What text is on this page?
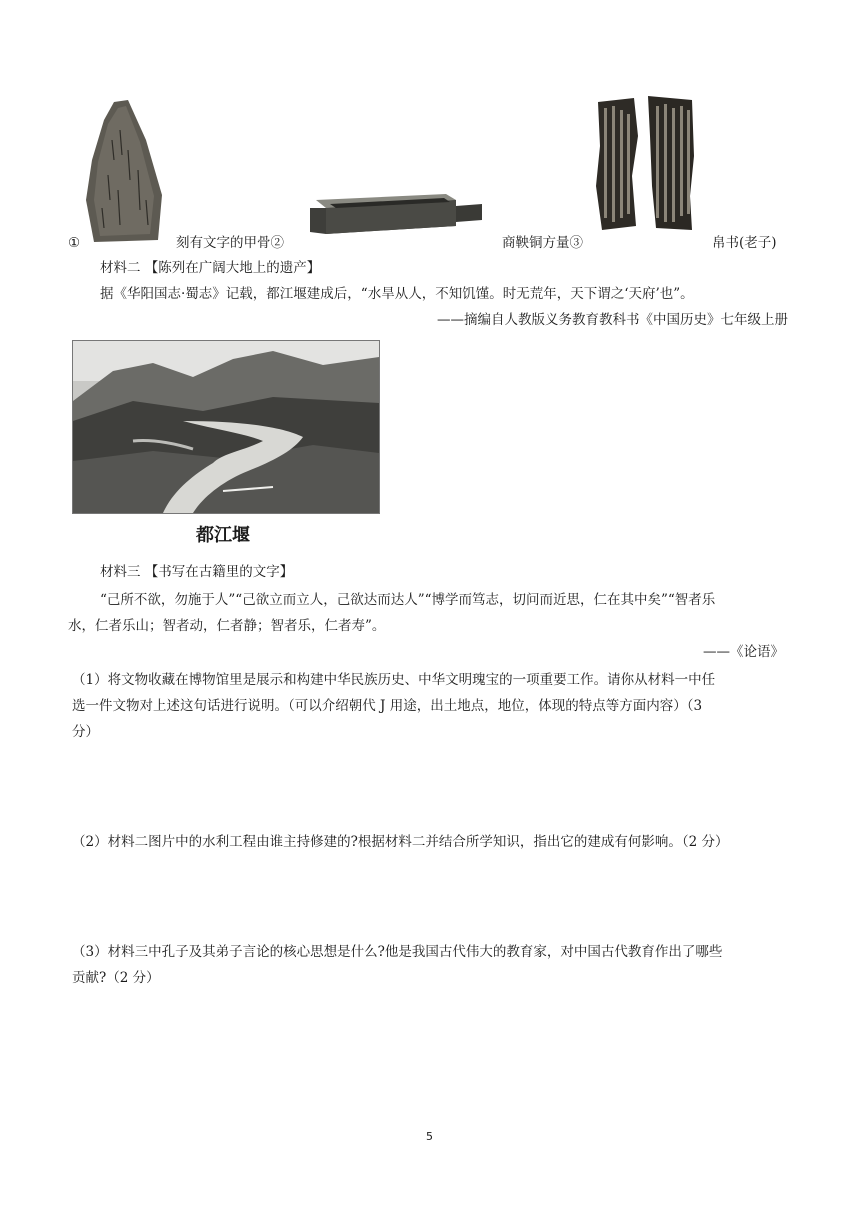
①	刻有文字的甲骨②	商鞅铜方量③	帛书(老子)
材料二 【陈列在广阔大地上的遗产】
据《华阳国志·蜀志》记载，都江堰建成后，“水旱从人，不知饥馑。时无荒年，天下谓之‘天府’也”。
——摘编自人教版义务教育教科书《中国历史》七年级上册
都江堰
材料三 【书写在古籍里的文字】
“己所不欲，勿施于人”“己欲立而立人，己欲达而达人”“博学而笃志，切问而近思，仁在其中矣”“智者乐
水，仁者乐山；智者动，仁者静；智者乐，仁者寿”。
——《论语》
（1）将文物收藏在博物馆里是展示和构建中华民族历史、中华文明瑰宝的一项重要工作。请你从材料一中任
选一件文物对上述这句话进行说明。（可以介绍朝代 J 用途，出土地点，地位，体现的特点等方面内容）（3
分）
（2）材料二图片中的水利工程由谁主持修建的?根据材料二并结合所学知识，指出它的建成有何影响。（2 分）
（3）材料三中孔子及其弟子言论的核心思想是什么?他是我国古代伟大的教育家，对中国古代教育作出了哪些
贡献?（2 分）
5
